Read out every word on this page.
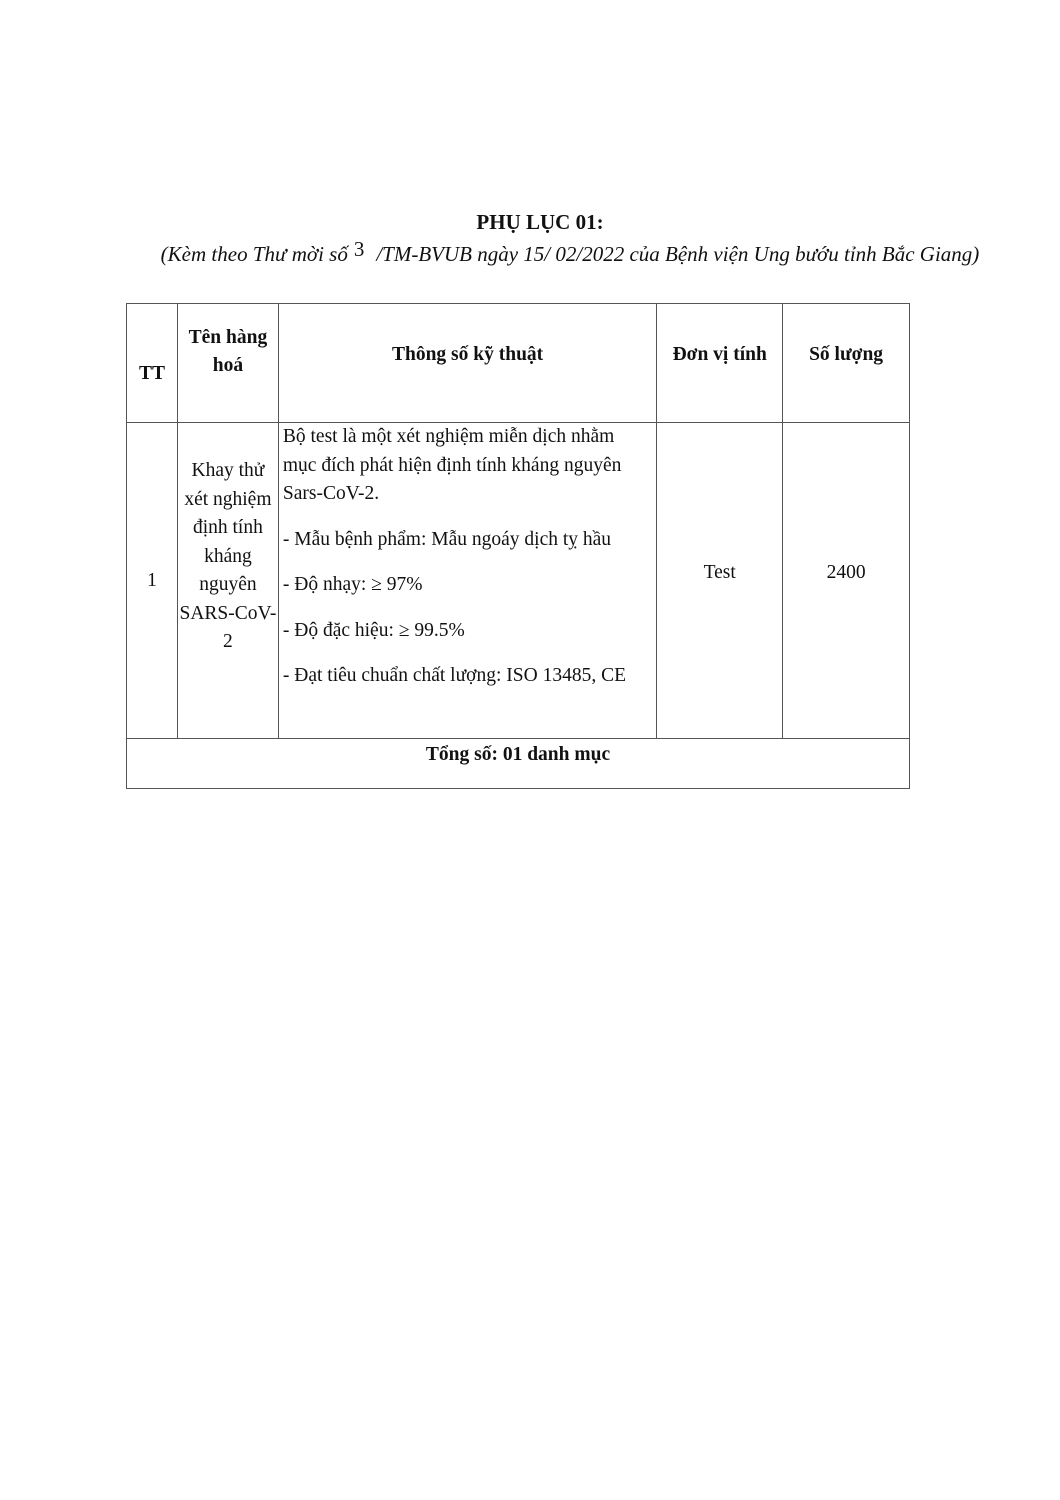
PHỤ LỤC 01:
(Kèm theo Thư mời số 3 /TM-BVUB ngày 15/ 02/2022 của Bệnh viện Ung bướu tỉnh Bắc Giang)
TT	Tên hàng hoá	Thông số kỹ thuật	Đơn vị tính	Số lượng
1	Khay thử xét nghiệm định tính kháng nguyên SARS-CoV-2	Bộ test là một xét nghiệm miễn dịch nhằm mục đích phát hiện định tính kháng nguyên Sars-CoV-2.

- Mẫu bệnh phẩm: Mẫu ngoáy dịch tỵ hầu

- Độ nhạy: ≥ 97%

- Độ đặc hiệu: ≥ 99.5%

- Đạt tiêu chuẩn chất lượng: ISO 13485, CE	Test	2400
Tổng số: 01 danh mục				
